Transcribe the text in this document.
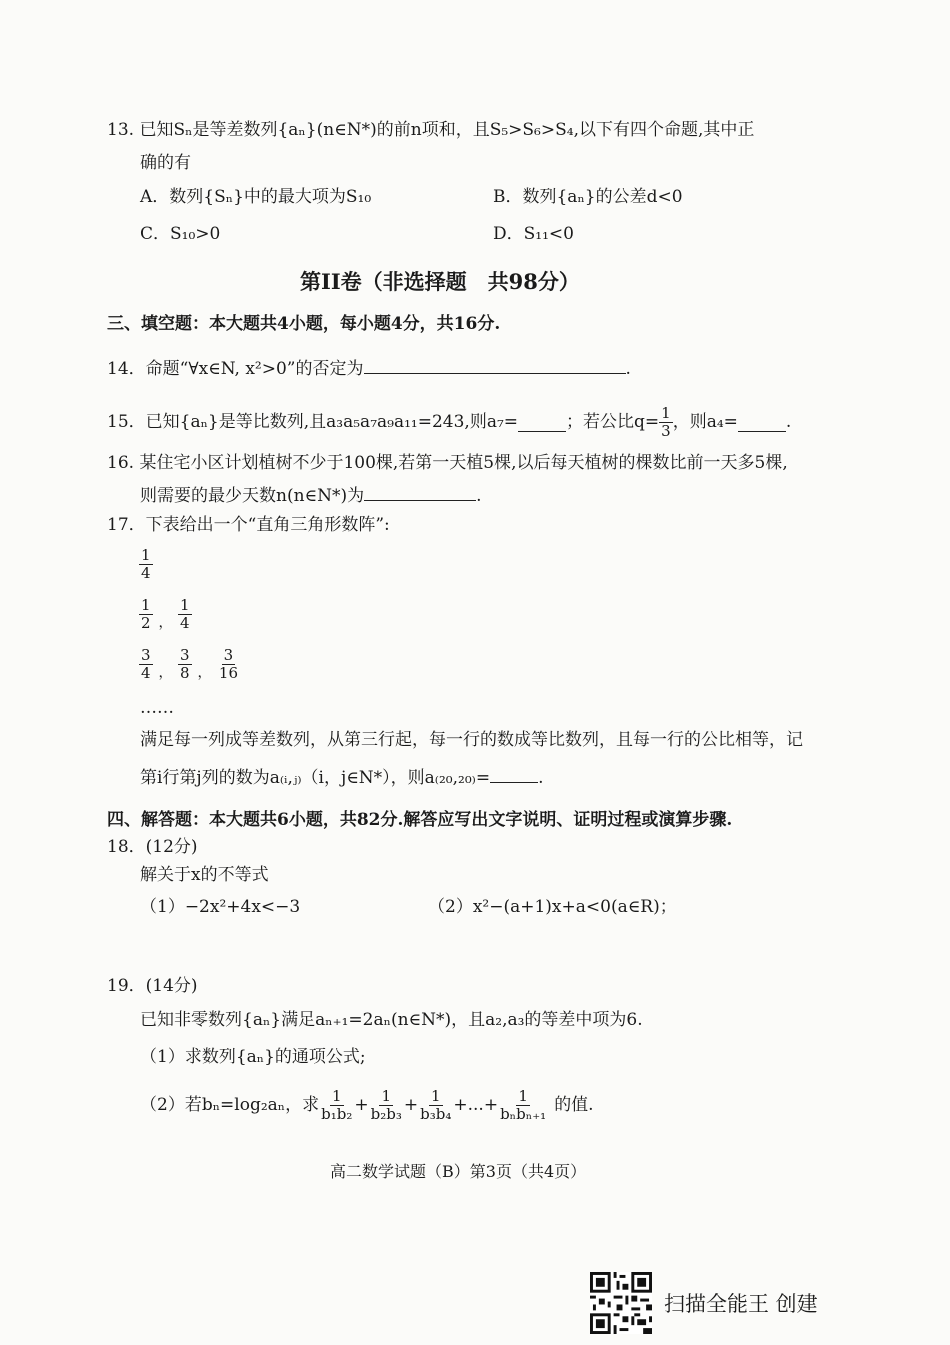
13. 已知Sₙ是等差数列{aₙ}(n∈N*)的前n项和，且S₅>S₆>S₄,以下有四个命题,其中正
确的有
A．数列{Sₙ}中的最大项为S₁₀	B．数列{aₙ}的公差d<0
C．S₁₀>0	D．S₁₁<0
第II卷（非选择题　共98分）
三、填空题：本大题共4小题，每小题4分，共16分.
14．命题“∀x∈N, x²>0”的否定为	.
15．已知{aₙ}是等比数列,且a₃a₅a₇a₉a₁₁=243,则a₇=	；若公比$q= \frac{1}{3}$ ，则a₄=	.
16. 某住宅小区计划植树不少于100棵,若第一天植5棵,以后每天植树的棵数比前一天多5棵,
则需要的最少天数n(n∈N*)为	.
17．下表给出一个“直角三角形数阵”:
$\frac{1}{4}$
$\frac{1}{2}$ ， $\frac{1}{4}$
$\frac{3}{4}$ ， $\frac{3}{8}$ ， $\frac{3}{16}$
……
满足每一列成等差数列，从第三行起，每一行的数成等比数列，且每一行的公比相等，记
第i行第j列的数为a₍ᵢ,ⱼ₎（i，j∈N*），则a₍₂₀,₂₀₎=	.
四、解答题：本大题共6小题，共82分.解答应写出文字说明、证明过程或演算步骤.
18．(12分)
解关于x的不等式
（1）−2x²+4x<−3	（2）x²−(a+1)x+a<0(a∈R)；
19．(14分)
已知非零数列{aₙ}满足aₙ₊₁=2aₙ(n∈N*)，且a₂,a₃的等差中项为6.
（1）求数列{aₙ}的通项公式;
（2）若bₙ=log₂aₙ，求 $\frac{1}{\text{b₁b₂}} + \frac{1}{\text{b₂b₃}} + \frac{1}{\text{b₃b₄}}$ +...+ $\frac{1}{\text{bₙbₙ₊₁}}$ 的值.
高二数学试题（B）第3页（共4页）
扫描全能王 创建
